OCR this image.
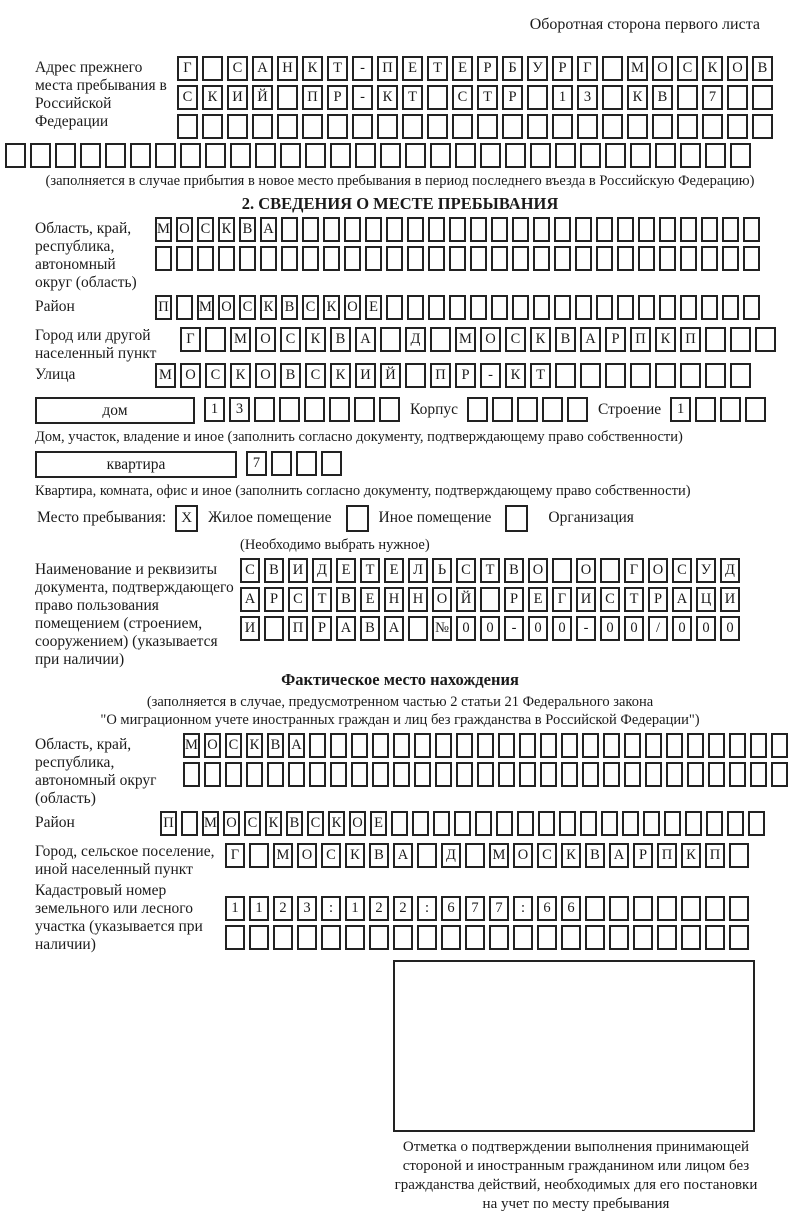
Оборотная сторона первого листа
Адрес прежнего места пребывания в Российской Федерации
Г	С А Н К Т - П Е Т Е Р Б У Р Г	М О С К О В
С К И Й	П Р - К Т	С Т Р	1 3	К В	7
(заполняется в случае прибытия в новое место пребывания в период последнего въезда в Российскую Федерацию)
2. СВЕДЕНИЯ О МЕСТЕ ПРЕБЫВАНИЯ
Область, край, республика, автономный округ (область)
М О С К В А
Район	П М О С К В С К О Е
Город или другой населенный пункт
Г	М О С К В А	Д	М О С К В А Р П К П
Улица	М О С К О В С К И Й	П Р - К Т
дом	1 3	Корпус	Строение	1
Дом, участок, владение и иное (заполнить согласно документу, подтверждающему право собственности)
квартира	7
Квартира, комната, офис и иное (заполнить согласно документу, подтверждающему право собственности)
Место пребывания:	X	Жилое помещение	Иное помещение	Организация
(Необходимо выбрать нужное)
Наименование и реквизиты документа, подтверждающего право пользования помещением (строением, сооружением) (указывается при наличии)
С В И Д Е Т Е Л Ь С Т В О	О	Г О С У Д
А Р С Т В Е Н Н О Й	Р Е Г И С Т Р А Ц И
И	П Р А В А № 0 0 - 0 0 - 0 0 / 0 0 0
Фактическое место нахождения
(заполняется в случае, предусмотренном частью 2 статьи 21 Федерального закона
"О миграционном учете иностранных граждан и лиц без гражданства в Российской Федерации")
Область, край, республика, автономный округ (область)
М О С К В А
Район	П М О С К В С К О Е
Город, сельское поселение, иной населенный пункт
Г	М О С К В А	Д	М О С К В А Р П К П
Кадастровый номер земельного или лесного участка (указывается при наличии)
1 1 2 3 : 1 2 2 : 6 7 7 : 6 6
Отметка о подтверждении выполнения принимающей стороной и иностранным гражданином или лицом без гражданства действий, необходимых для его постановки на учет по месту пребывания
